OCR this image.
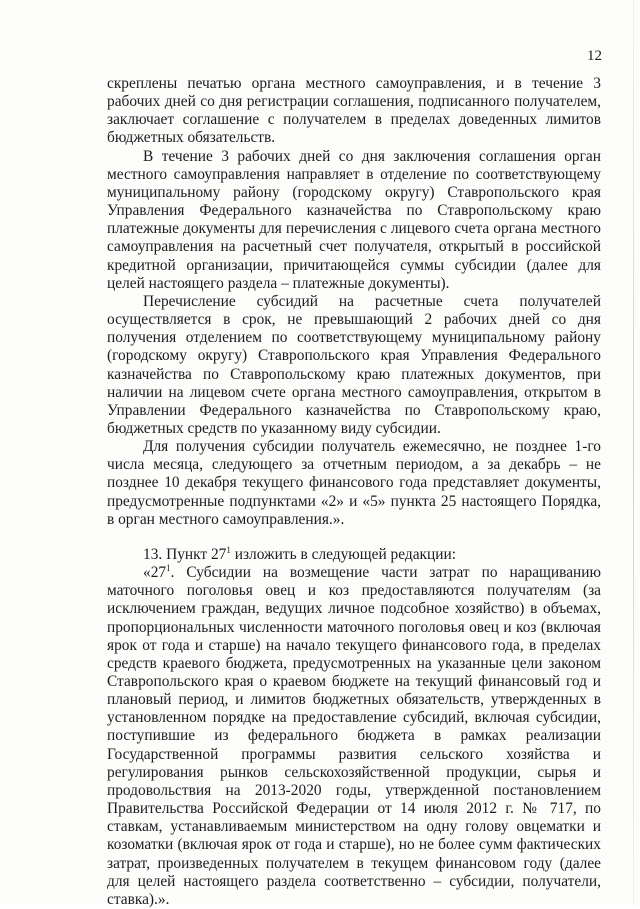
12

скреплены печатью органа местного самоуправления, и в течение 3 рабочих дней со дня регистрации соглашения, подписанного получателем, заключает соглашение с получателем в пределах доведенных лимитов бюджетных обязательств.

В течение 3 рабочих дней со дня заключения соглашения орган местного самоуправления направляет в отделение по соответствующему муниципальному району (городскому округу) Ставропольского края Управления Федерального казначейства по Ставропольскому краю платежные документы для перечисления с лицевого счета органа местного самоуправления на расчетный счет получателя, открытый в российской кредитной организации, причитающейся суммы субсидии (далее для целей настоящего раздела – платежные документы).

Перечисление субсидий на расчетные счета получателей осуществляется в срок, не превышающий 2 рабочих дней со дня получения отделением по соответствующему муниципальному району (городскому округу) Ставропольского края Управления Федерального казначейства по Ставропольскому краю платежных документов, при наличии на лицевом счете органа местного самоуправления, открытом в Управлении Федерального казначейства по Ставропольскому краю, бюджетных средств по указанному виду субсидии.

Для получения субсидии получатель ежемесячно, не позднее 1-го числа месяца, следующего за отчетным периодом, а за декабрь – не позднее 10 декабря текущего финансового года представляет документы, предусмотренные подпунктами «2» и «5» пункта 25 настоящего Порядка, в орган местного самоуправления.».

13. Пункт $27^1$ изложить в следующей редакции:

«$27^1$. Субсидии на возмещение части затрат по наращиванию маточного поголовья овец и коз предоставляются получателям (за исключением граждан, ведущих личное подсобное хозяйство) в объемах, пропорциональных численности маточного поголовья овец и коз (включая ярок от года и старше) на начало текущего финансового года, в пределах средств краевого бюджета, предусмотренных на указанные цели законом Ставропольского края о краевом бюджете на текущий финансовый год и плановый период, и лимитов бюджетных обязательств, утвержденных в установленном порядке на предоставление субсидий, включая субсидии, поступившие из федерального бюджета в рамках реализации Государственной программы развития сельского хозяйства и регулирования рынков сельскохозяйственной продукции, сырья и продовольствия на 2013-2020 годы, утвержденной постановлением Правительства Российской Федерации от 14 июля 2012 г. № 717, по ставкам, устанавливаемым министерством на одну голову овцематки и козоматки (включая ярок от года и старше), но не более сумм фактических затрат, произведенных получателем в текущем финансовом году (далее для целей настоящего раздела соответственно – субсидии, получатели, ставка).».
